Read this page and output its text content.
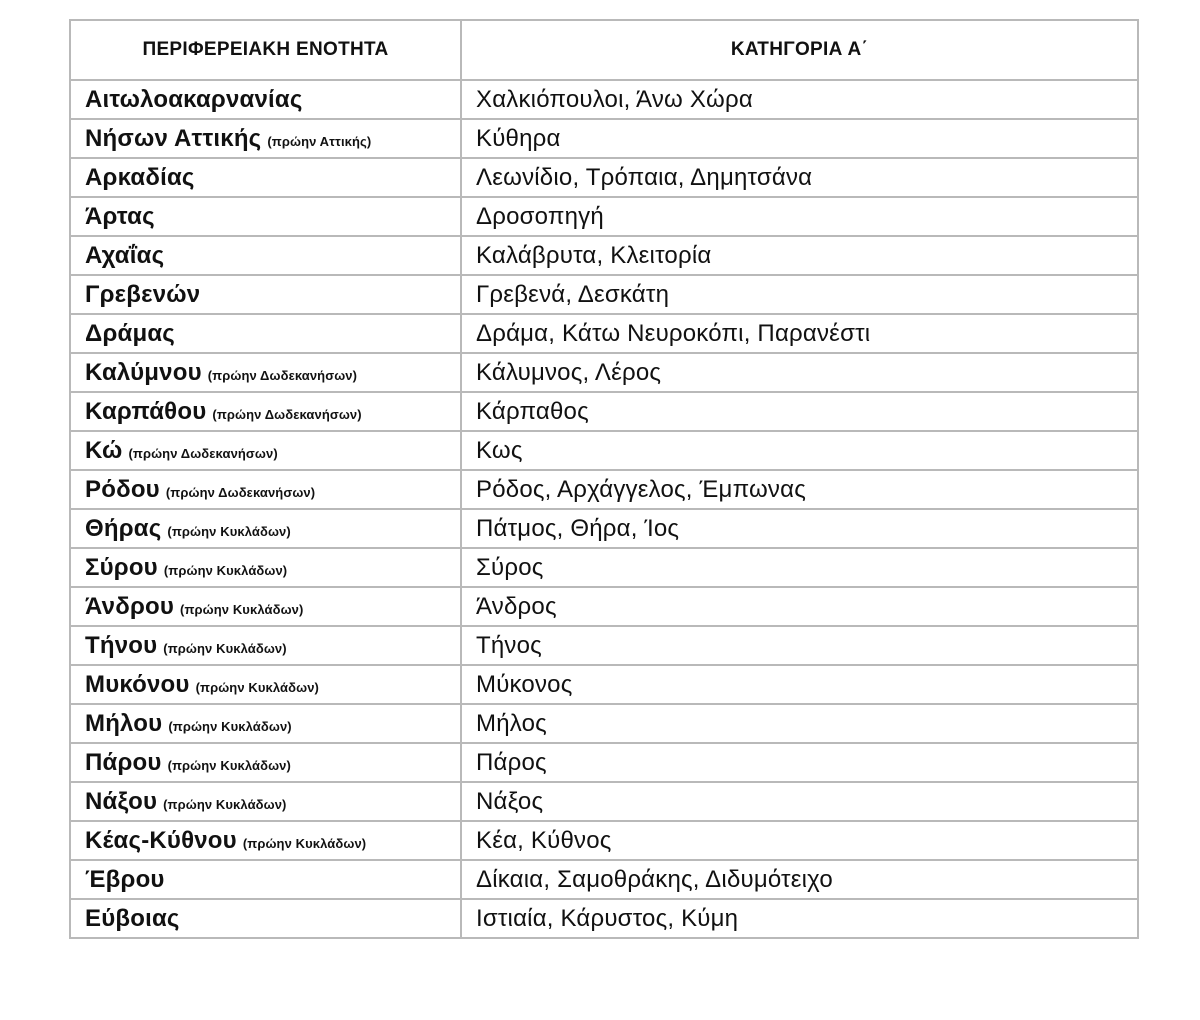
ΠΕΡΙΦΕΡΕΙΑΚΗ ΕΝΟΤΗΤΑ	ΚΑΤΗΓΟΡΙΑ Α΄
Αιτωλοακαρνανίας	Χαλκιόπουλοι, Άνω Χώρα
Νήσων Αττικής (πρώην Αττικής)	Κύθηρα
Αρκαδίας	Λεωνίδιο, Τρόπαια, Δημητσάνα
Άρτας	Δροσοπηγή
Αχαΐας	Καλάβρυτα, Κλειτορία
Γρεβενών	Γρεβενά, Δεσκάτη
Δράμας	Δράμα, Κάτω Νευροκόπι, Παρανέστι
Καλύμνου (πρώην Δωδεκανήσων)	Κάλυμνος, Λέρος
Καρπάθου (πρώην Δωδεκανήσων)	Κάρπαθος
Κώ (πρώην Δωδεκανήσων)	Κως
Ρόδου (πρώην Δωδεκανήσων)	Ρόδος, Αρχάγγελος, Έμπωνας
Θήρας (πρώην Κυκλάδων)	Πάτμος, Θήρα, Ίος
Σύρου (πρώην Κυκλάδων)	Σύρος
Άνδρου (πρώην Κυκλάδων)	Άνδρος
Τήνου (πρώην Κυκλάδων)	Τήνος
Μυκόνου (πρώην Κυκλάδων)	Μύκονος
Μήλου (πρώην Κυκλάδων)	Μήλος
Πάρου (πρώην Κυκλάδων)	Πάρος
Νάξου (πρώην Κυκλάδων)	Νάξος
Κέας-Κύθνου (πρώην Κυκλάδων)	Κέα, Κύθνος
Έβρου	Δίκαια, Σαμοθράκης, Διδυμότειχο
Εύβοιας	Ιστιαία, Κάρυστος, Κύμη
